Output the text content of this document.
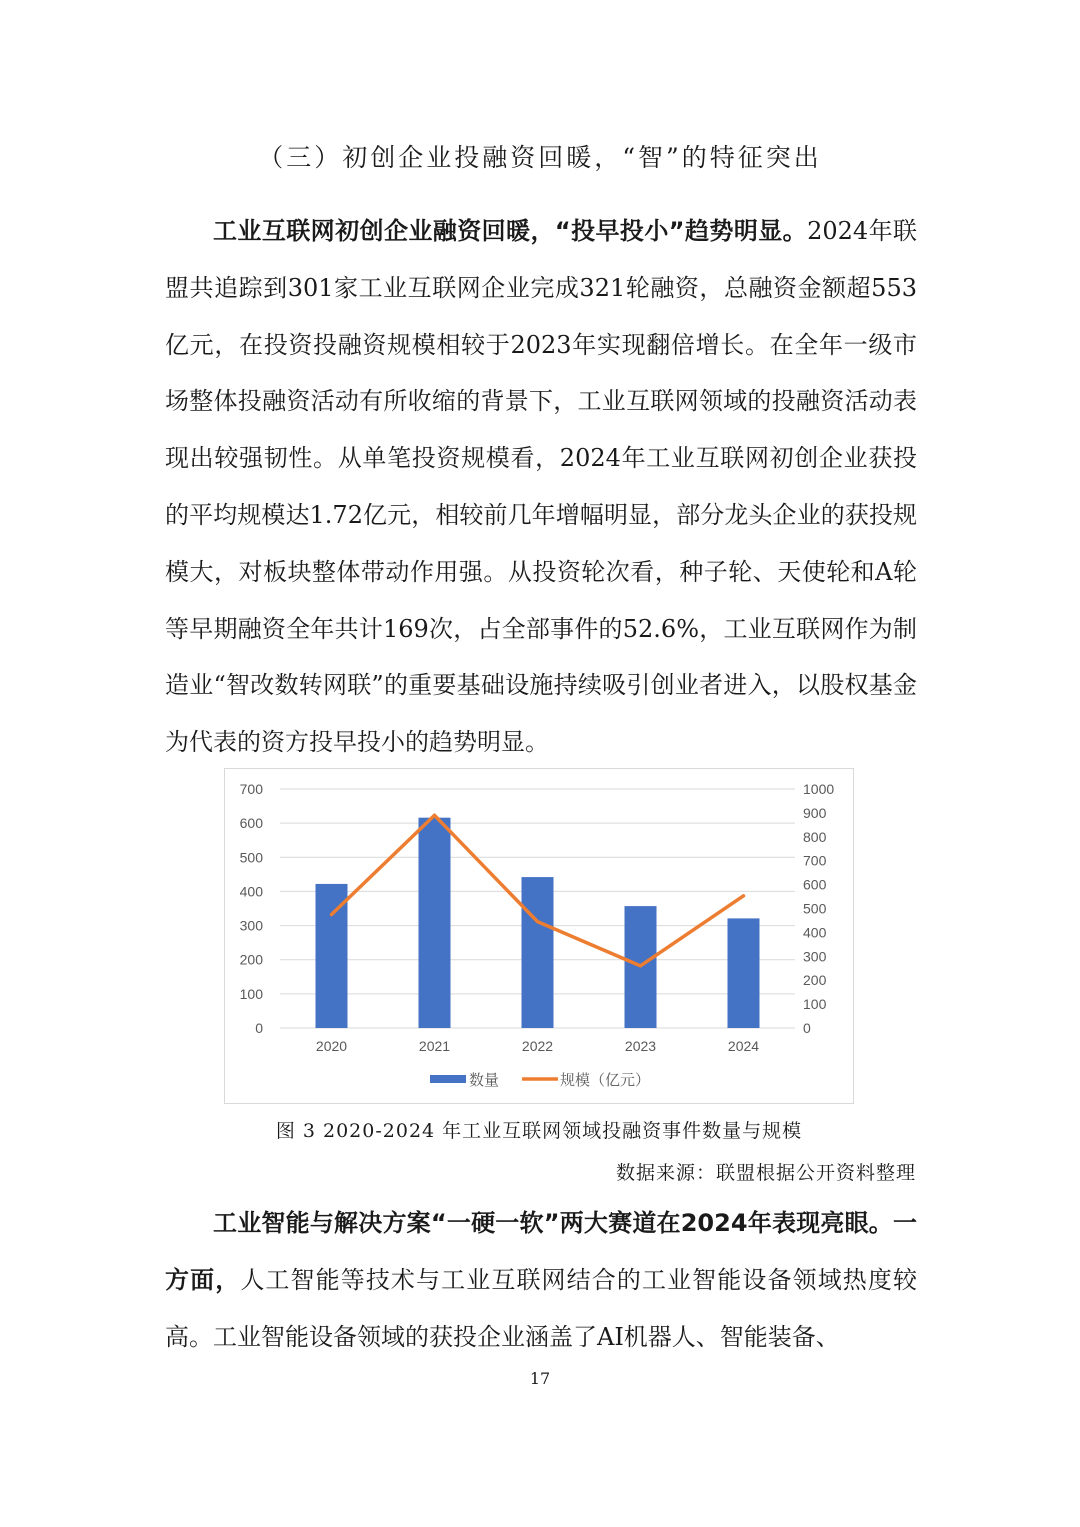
（三）初创企业投融资回暖，“智”的特征突出

工业互联网初创企业融资回暖，“投早投小”趋势明显。2024年联盟共追踪到301家工业互联网企业完成321轮融资，总融资金额超553亿元，在投资投融资规模相较于2023年实现翻倍增长。在全年一级市场整体投融资活动有所收缩的背景下，工业互联网领域的投融资活动表现出较强韧性。从单笔投资规模看，2024年工业互联网初创企业获投的平均规模达1.72亿元，相较前几年增幅明显，部分龙头企业的获投规模大，对板块整体带动作用强。从投资轮次看，种子轮、天使轮和A轮等早期融资全年共计169次，占全部事件的52.6%，工业互联网作为制造业“智改数转网联”的重要基础设施持续吸引创业者进入，以股权基金为代表的资方投早投小的趋势明显。

0
100
200
300
400
500
600
700
0
100
200
300
400
500
600
700
800
900
1000
2020	2021	2022	2023	2024
数量	规模（亿元）
图 3 2020-2024 年工业互联网领域投融资事件数量与规模
数据来源：联盟根据公开资料整理

工业智能与解决方案“一硬一软”两大赛道在2024年表现亮眼。一方面，人工智能等技术与工业互联网结合的工业智能设备领域热度较高。工业智能设备领域的获投企业涵盖了AI机器人、智能装备、

17
